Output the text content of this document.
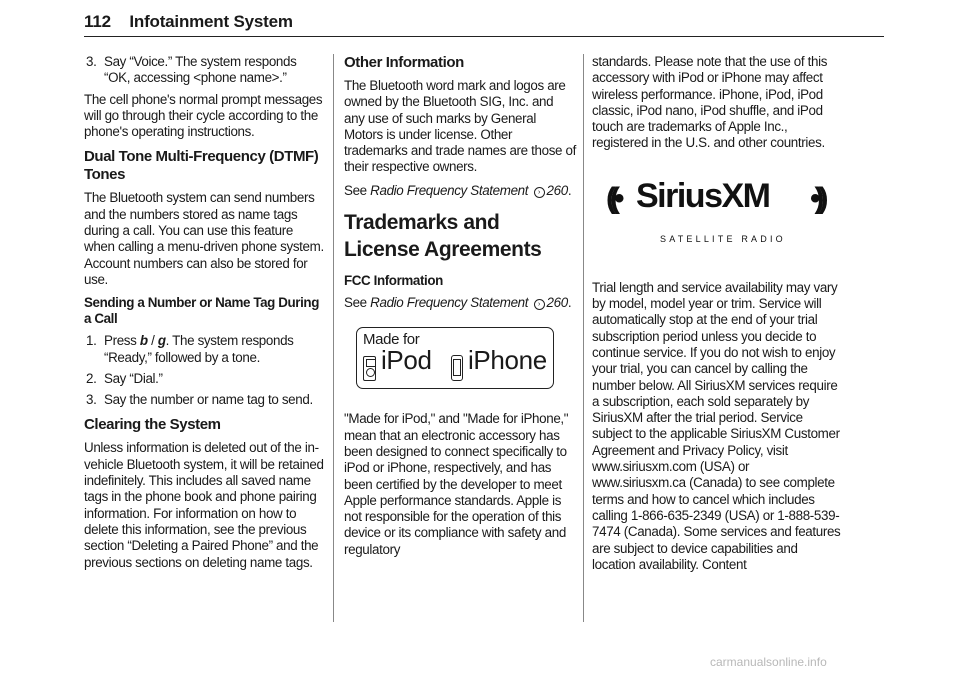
112 Infotainment System
3. Say “Voice.” The system responds “OK, accessing <phone name>.”

The cell phone's normal prompt messages will go through their cycle according to the phone's operating instructions.

Dual Tone Multi-Frequency (DTMF) Tones

The Bluetooth system can send numbers and the numbers stored as name tags during a call. You can use this feature when calling a menu-driven phone system. Account numbers can also be stored for use.

Sending a Number or Name Tag During a Call
1. Press b / g. The system responds “Ready,” followed by a tone.
2. Say “Dial.”
3. Say the number or name tag to send.
Clearing the System

Unless information is deleted out of the in-vehicle Bluetooth system, it will be retained indefinitely. This includes all saved name tags in the phone book and phone pairing information. For information on how to delete this information, see the previous section “Deleting a Paired Phone” and the previous sections on deleting name tags.

Other Information

The Bluetooth word mark and logos are owned by the Bluetooth SIG, Inc. and any use of such marks by General Motors is under license. Other trademarks and trade names are those of their respective owners.

See Radio Frequency Statement › 260.

Trademarks and License Agreements
FCC Information

See Radio Frequency Statement › 260.

Made for
iPod iPhone

"Made for iPod," and "Made for iPhone," mean that an electronic accessory has been designed to connect specifically to iPod or iPhone, respectively, and has been certified by the developer to meet Apple performance standards. Apple is not responsible for the operation of this device or its compliance with safety and regulatory

standards. Please note that the use of this accessory with iPod or iPhone may affect wireless performance. iPhone, iPod, iPod classic, iPod nano, iPod shuffle, and iPod touch are trademarks of Apple Inc., registered in the U.S. and other countries.

((• SiriusXM •))
SATELLITE RADIO

Trial length and service availability may vary by model, model year or trim. Service will automatically stop at the end of your trial subscription period unless you decide to continue service. If you do not wish to enjoy your trial, you can cancel by calling the number below. All SiriusXM services require a subscription, each sold separately by SiriusXM after the trial period. Service subject to the applicable SiriusXM Customer Agreement and Privacy Policy, visit www.siriusxm.com (USA) or www.siriusxm.ca (Canada) to see complete terms and how to cancel which includes calling 1-866-635-2349 (USA) or 1-888-539-7474 (Canada). Some services and features are subject to device capabilities and location availability. Content

carmanualsonline.info
